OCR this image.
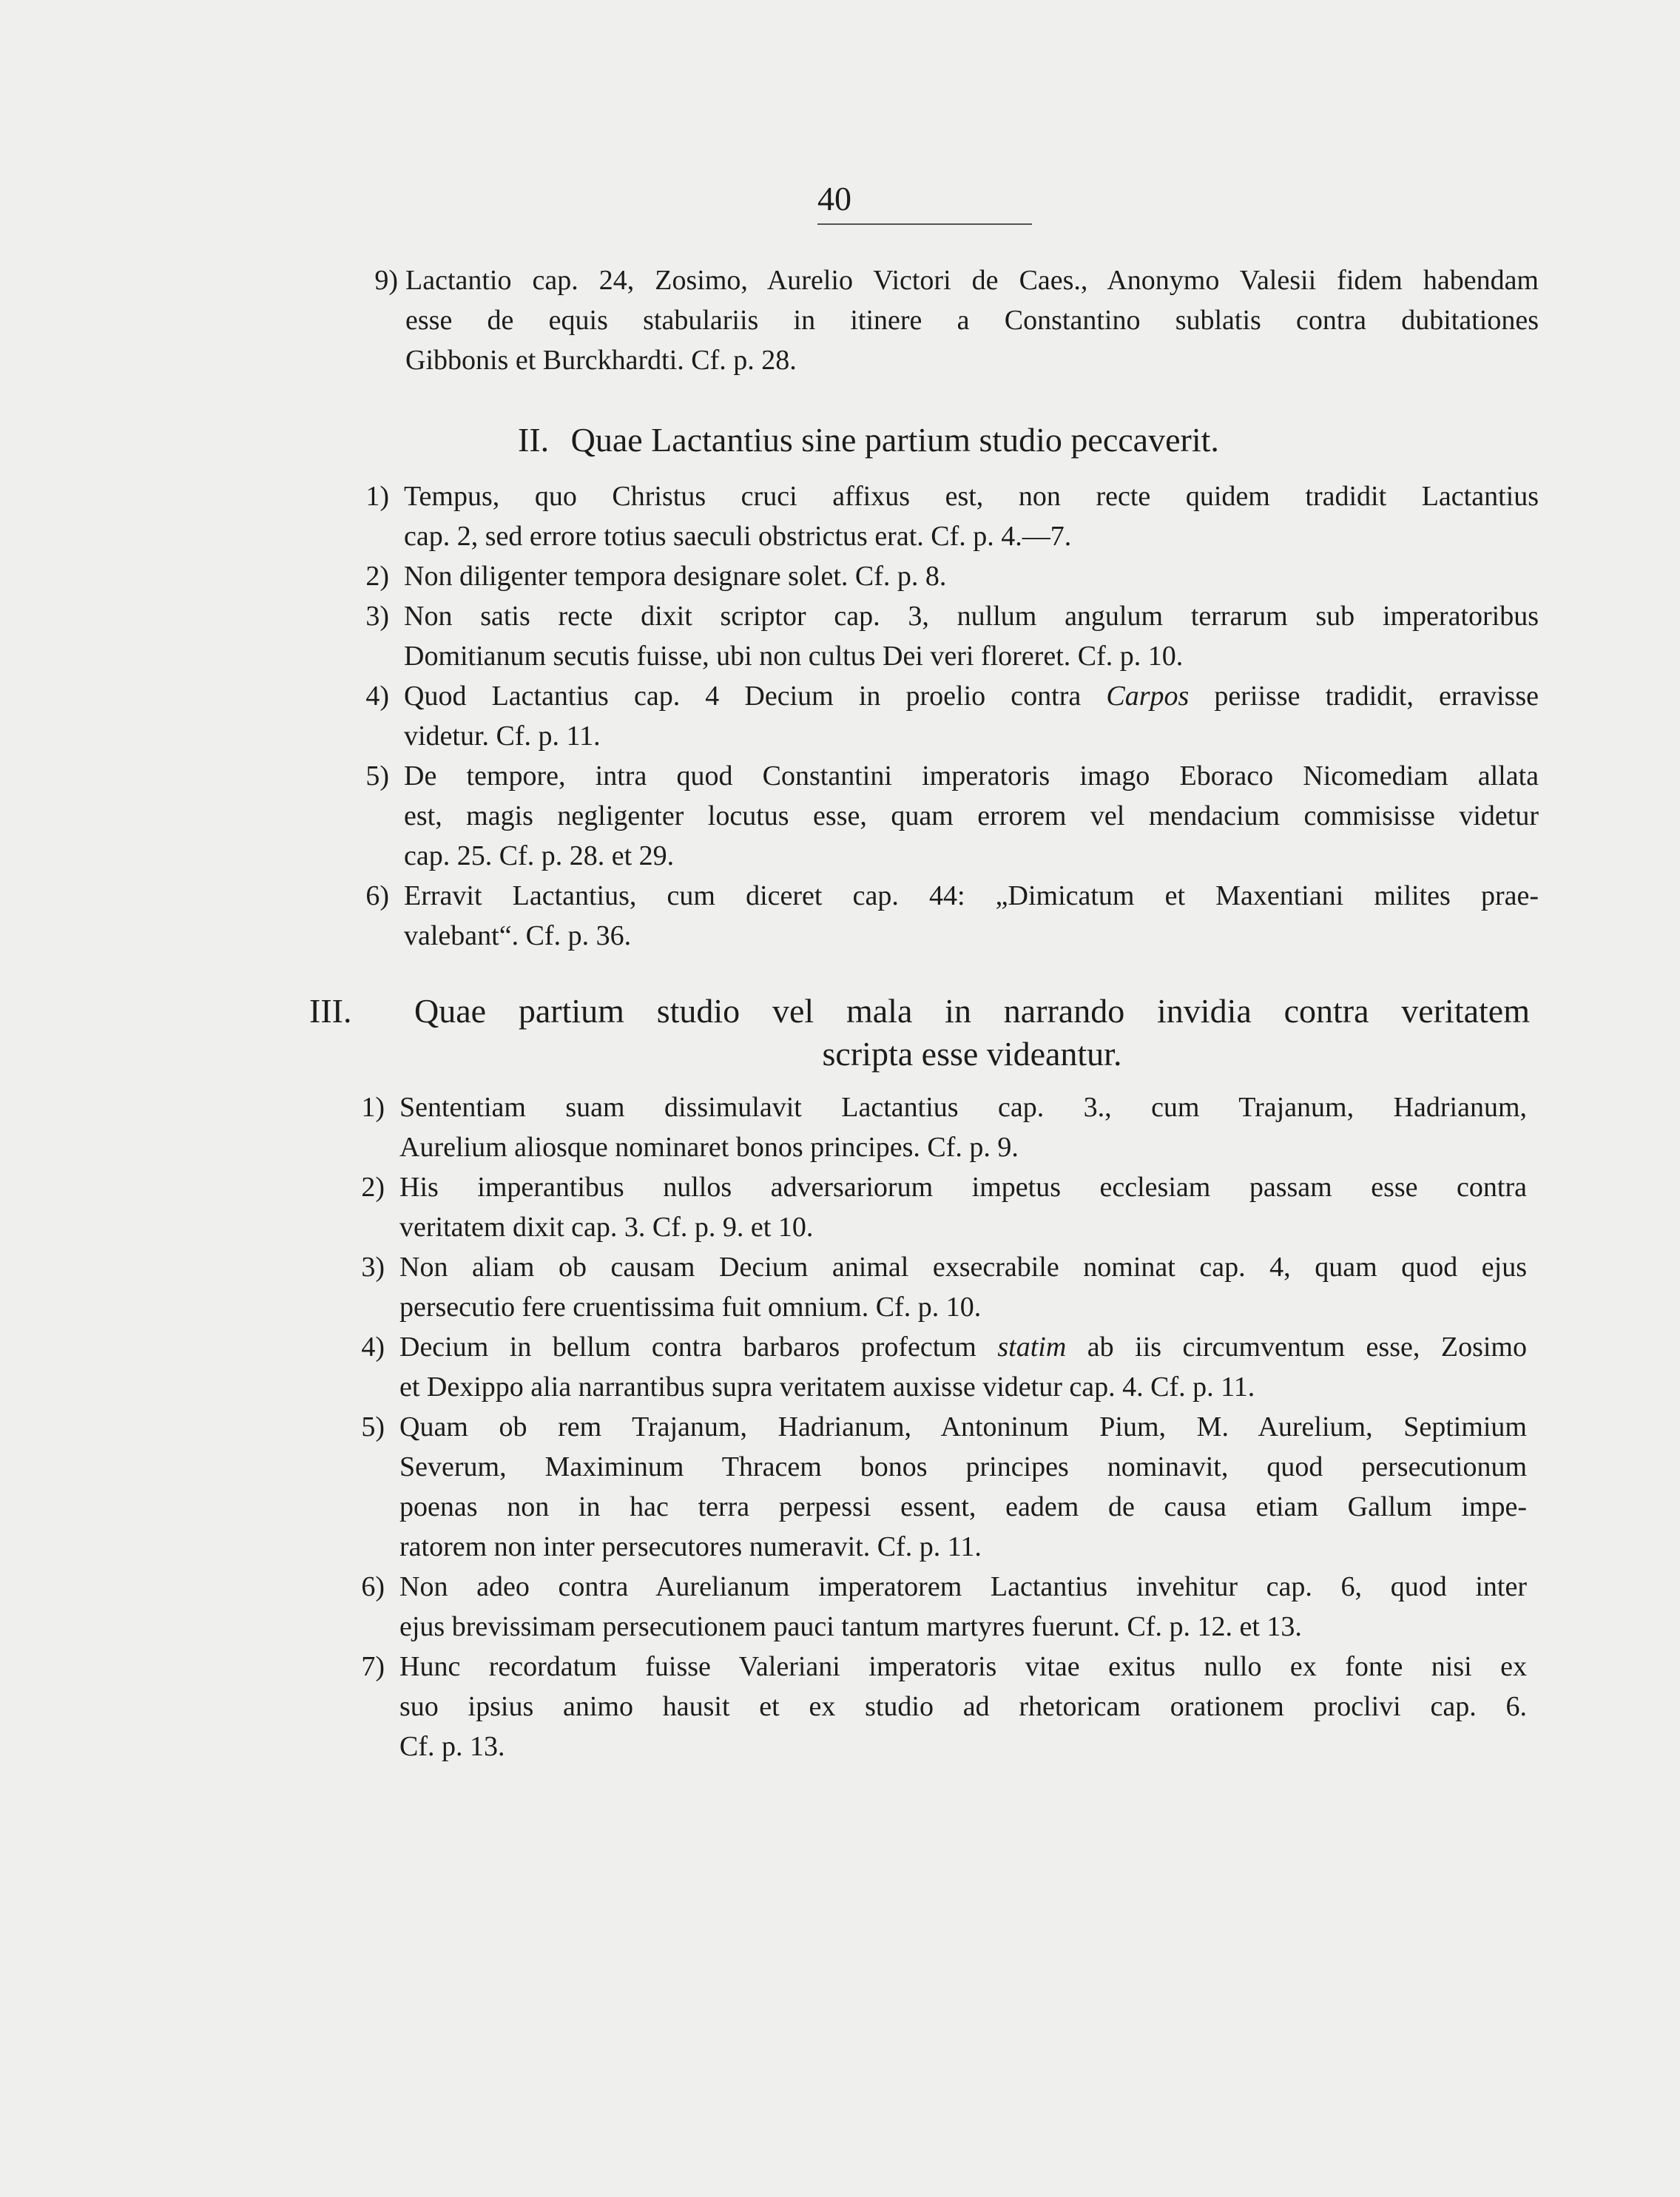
40
9) Lactantio cap. 24, Zosimo, Aurelio Victori de Caes., Anonymo Valesii fidem habendam
esse de equis stabulariis in itinere a Constantino sublatis contra dubitationes
Gibbonis et Burckhardti. Cf. p. 28.
II. Quae Lactantius sine partium studio peccaverit.
1) Tempus, quo Christus cruci affixus est, non recte quidem tradidit Lactantius
cap. 2, sed errore totius saeculi obstrictus erat. Cf. p. 4.—7.
2) Non diligenter tempora designare solet. Cf. p. 8.
3) Non satis recte dixit scriptor cap. 3, nullum angulum terrarum sub imperatoribus
Domitianum secutis fuisse, ubi non cultus Dei veri floreret. Cf. p. 10.
4) Quod Lactantius cap. 4 Decium in proelio contra Carpos periisse tradidit, erravisse
videtur. Cf. p. 11.
5) De tempore, intra quod Constantini imperatoris imago Eboraco Nicomediam allata
est, magis negligenter locutus esse, quam errorem vel mendacium commisisse videtur
cap. 25. Cf. p. 28. et 29.
6) Erravit Lactantius, cum diceret cap. 44: „Dimicatum et Maxentiani milites prae-
valebant“. Cf. p. 36.
III. Quae partium studio vel mala in narrando invidia contra veritatem
scripta esse videantur.
1) Sententiam suam dissimulavit Lactantius cap. 3., cum Trajanum, Hadrianum,
Aurelium aliosque nominaret bonos principes. Cf. p. 9.
2) His imperantibus nullos adversariorum impetus ecclesiam passam esse contra
veritatem dixit cap. 3. Cf. p. 9. et 10.
3) Non aliam ob causam Decium animal exsecrabile nominat cap. 4, quam quod ejus
persecutio fere cruentissima fuit omnium. Cf. p. 10.
4) Decium in bellum contra barbaros profectum statim ab iis circumventum esse, Zosimo
et Dexippo alia narrantibus supra veritatem auxisse videtur cap. 4. Cf. p. 11.
5) Quam ob rem Trajanum, Hadrianum, Antoninum Pium, M. Aurelium, Septimium
Severum, Maximinum Thracem bonos principes nominavit, quod persecutionum
poenas non in hac terra perpessi essent, eadem de causa etiam Gallum impe-
ratorem non inter persecutores numeravit. Cf. p. 11.
6) Non adeo contra Aurelianum imperatorem Lactantius invehitur cap. 6, quod inter
ejus brevissimam persecutionem pauci tantum martyres fuerunt. Cf. p. 12. et 13.
7) Hunc recordatum fuisse Valeriani imperatoris vitae exitus nullo ex fonte nisi ex
suo ipsius animo hausit et ex studio ad rhetoricam orationem proclivi cap. 6.
Cf. p. 13.
